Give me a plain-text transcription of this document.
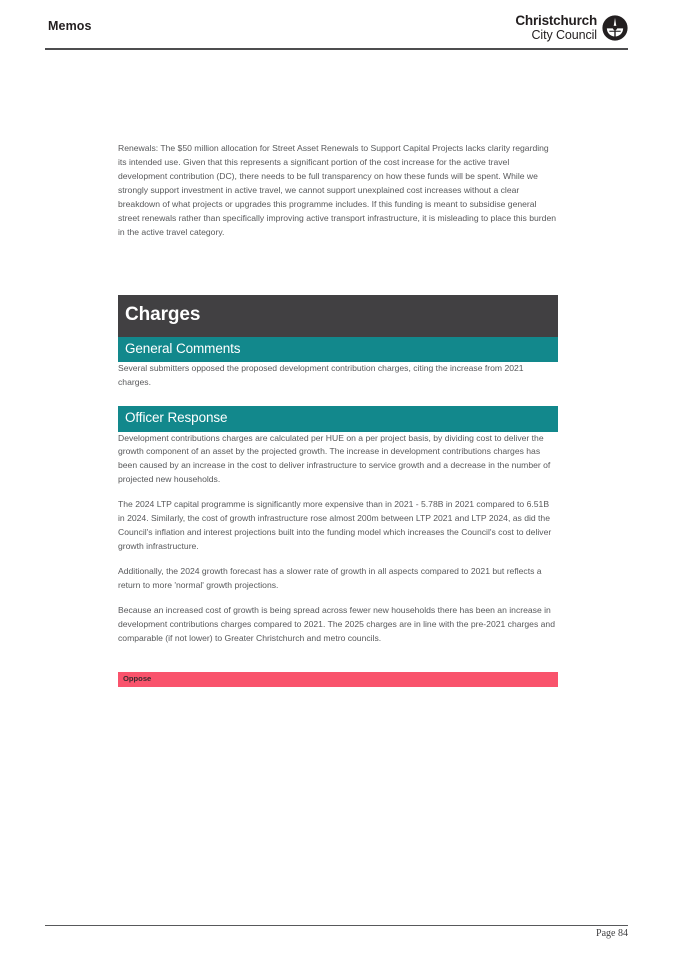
Memos	Christchurch
City Council

Renewals: The $50 million allocation for Street Asset Renewals to Support Capital Projects lacks clarity regarding its intended use. Given that this represents a significant portion of the cost increase for the active travel development contribution (DC), there needs to be full transparency on how these funds will be spent. While we strongly support investment in active travel, we cannot support unexplained cost increases without a clear breakdown of what projects or upgrades this programme includes. If this funding is meant to subsidise general street renewals rather than specifically improving active transport infrastructure, it is misleading to place this burden in the active travel category.

Charges
General Comments

Several submitters opposed the proposed development contribution charges, citing the increase from 2021 charges.

Officer Response

Development contributions charges are calculated per HUE on a per project basis, by dividing cost to deliver the growth component of an asset by the projected growth. The increase in development contributions charges has been caused by an increase in the cost to deliver infrastructure to service growth and a decrease in the number of projected new households.

The 2024 LTP capital programme is significantly more expensive than in 2021 - 5.78B in 2021 compared to 6.51B in 2024. Similarly, the cost of growth infrastructure rose almost 200m between LTP 2021 and LTP 2024, as did the Council's inflation and interest projections built into the funding model which increases the Council's cost to deliver growth infrastructure.

Additionally, the 2024 growth forecast has a slower rate of growth in all aspects compared to 2021 but reflects a return to more 'normal' growth projections.

Because an increased cost of growth is being spread across fewer new households there has been an increase in development contributions charges compared to 2021. The 2025 charges are in line with the pre-2021 charges and comparable (if not lower) to Greater Christchurch and metro councils.

Oppose
Page 84
